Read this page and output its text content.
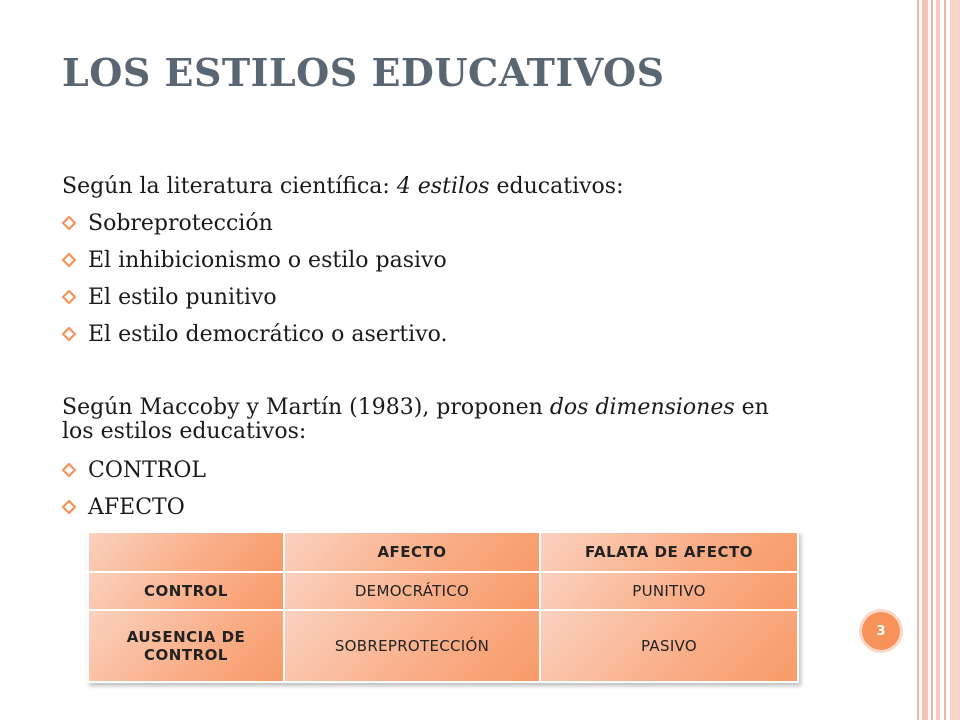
LOS ESTILOS EDUCATIVOS
Según la literatura científica: 4 estilos educativos:
Sobreprotección
El inhibicionismo o estilo pasivo
El estilo punitivo
El estilo democrático o asertivo.
Según Maccoby y Martín (1983), proponen dos dimensiones en
los estilos educativos:
CONTROL
AFECTO
	AFECTO	FALATA DE AFECTO
CONTROL	DEMOCRÁTICO	PUNITIVO
AUSENCIA DE CONTROL	SOBREPROTECCIÓN	PASIVO
3
